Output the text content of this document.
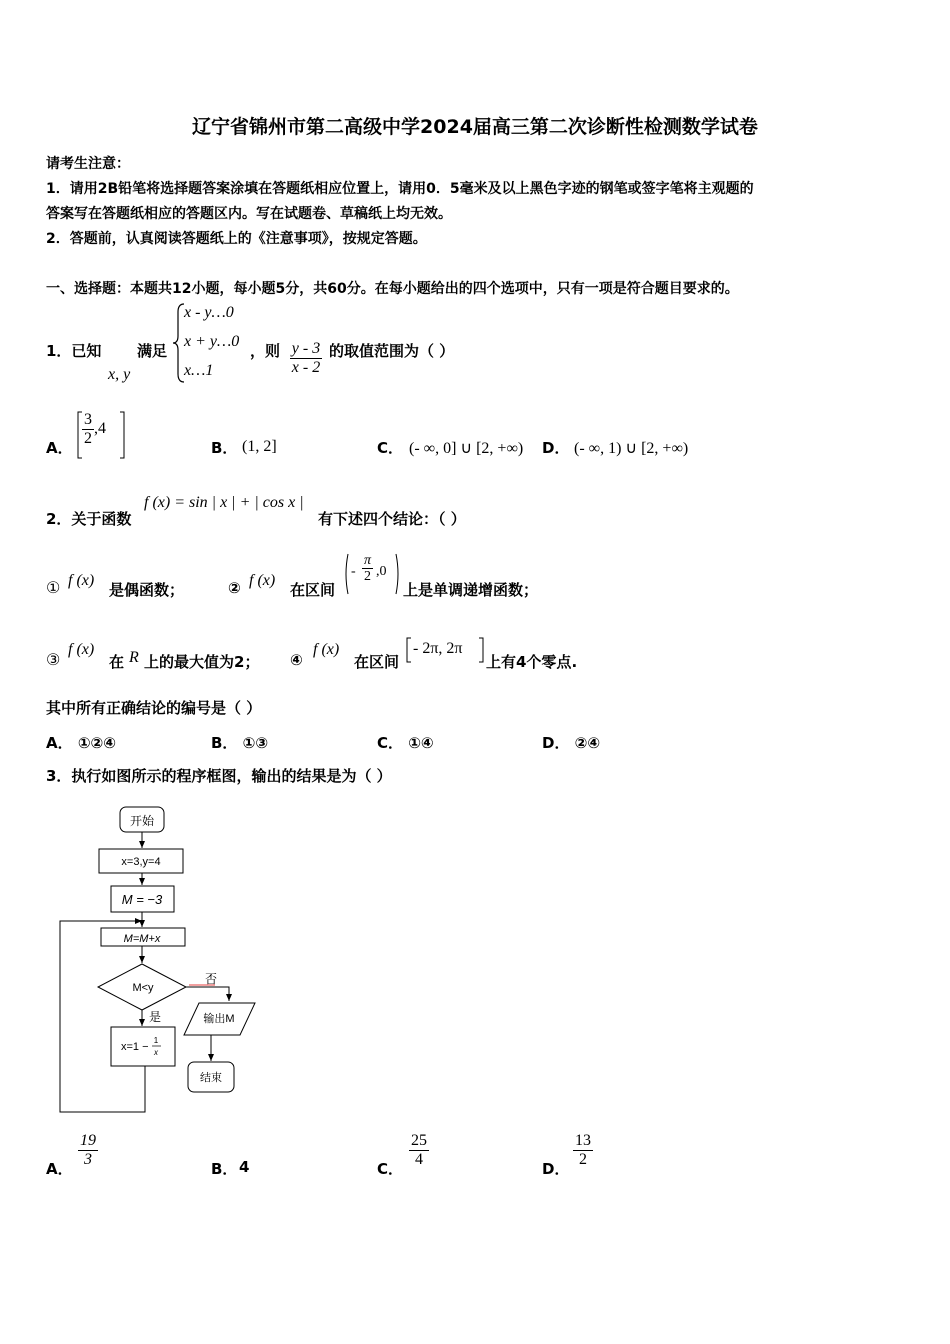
辽宁省锦州市第二高级中学2024届高三第二次诊断性检测数学试卷
请考生注意：
1．请用2B铅笔将选择题答案涂填在答题纸相应位置上，请用0．5毫米及以上黑色字迹的钢笔或签字笔将主观题的
答案写在答题纸相应的答题区内。写在试题卷、草稿纸上均无效。
2．答题前，认真阅读答题纸上的《注意事项》，按规定答题。
一、选择题：本题共12小题，每小题5分，共60分。在每小题给出的四个选项中，只有一项是符合题目要求的。
1．已知
x, y
满足
x - y…0
x + y…0
x…1
，则 $\frac{y - 3}{x - 2}$ 的取值范围为（ ）
A．
$\frac{3}{2} ,4$
B． (1, 2]	C． (- ∞, 0] ∪ [2, +∞) D． (- ∞, 1) ∪ [2, +∞)
2．关于函数
f (x) = sin | x | + | cos x |
有下述四个结论：（ ）
① f (x)
是偶函数；	② f (x)
在区间
- $\frac{\pi}{2} ,0$
上是单调递增函数；
③
f (x)
在 R 上的最大值为2； ④
f (x)
在区间
- 2π, 2π
上有4个零点.
其中所有正确结论的编号是（ ）
A． ①②④	B． ①③	C． ①④	D． ②④
3．执行如图所示的程序框图，输出的结果是为（ ）
开始
x=3,y=4
M = −3
M=M+x
M<y
否
是	输出M
结束
x=1 −
1
x
A．
$\frac{19}{3}$
B． 4	C．
$\frac{25}{4}$
D．
$\frac{13}{2}$
